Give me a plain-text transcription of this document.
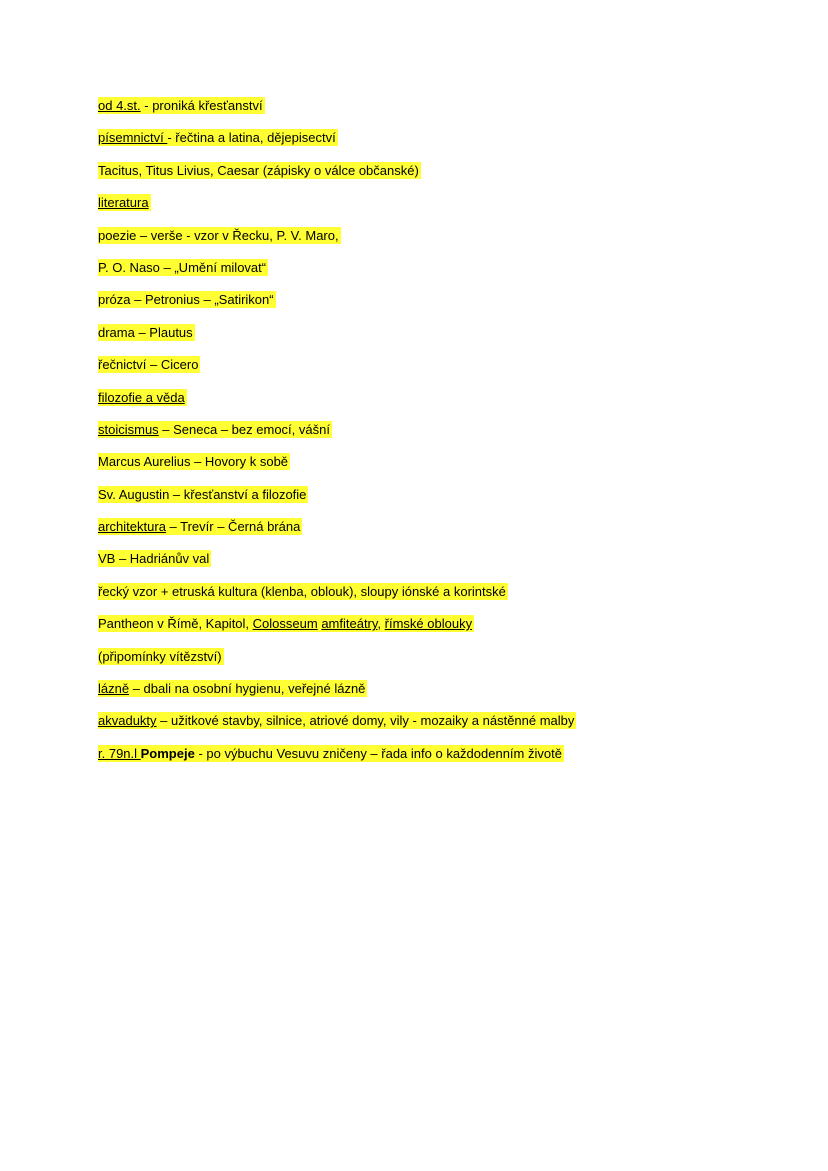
od 4.st. - proniká křesťanství
písemnictví - řečtina a latina, dějepisectví
Tacitus, Titus Livius, Caesar (zápisky o válce občanské)
literatura
poezie – verše - vzor v Řecku, P. V. Maro,
P. O. Naso – „Umění milovat“
próza – Petronius – „Satirikon“
drama – Plautus
řečnictví – Cicero
filozofie a věda
stoicismus – Seneca – bez emocí, vášní
Marcus Aurelius – Hovory k sobě
Sv. Augustin – křesťanství a filozofie
architektura – Trevír – Černá brána
VB – Hadriánův val
řecký vzor + etruská kultura (klenba, oblouk), sloupy iónské a korintské
Pantheon v Římě, Kapitol, Colosseum amfiteátry, římské oblouky
(připomínky vítězství)
lázně – dbali na osobní hygienu, veřejné lázně
akvadukty – užitkové stavby, silnice, atriové domy, vily - mozaiky a nástěnné malby
r. 79n.l Pompeje - po výbuchu Vesuvu zničeny – řada info o každodenním životě
